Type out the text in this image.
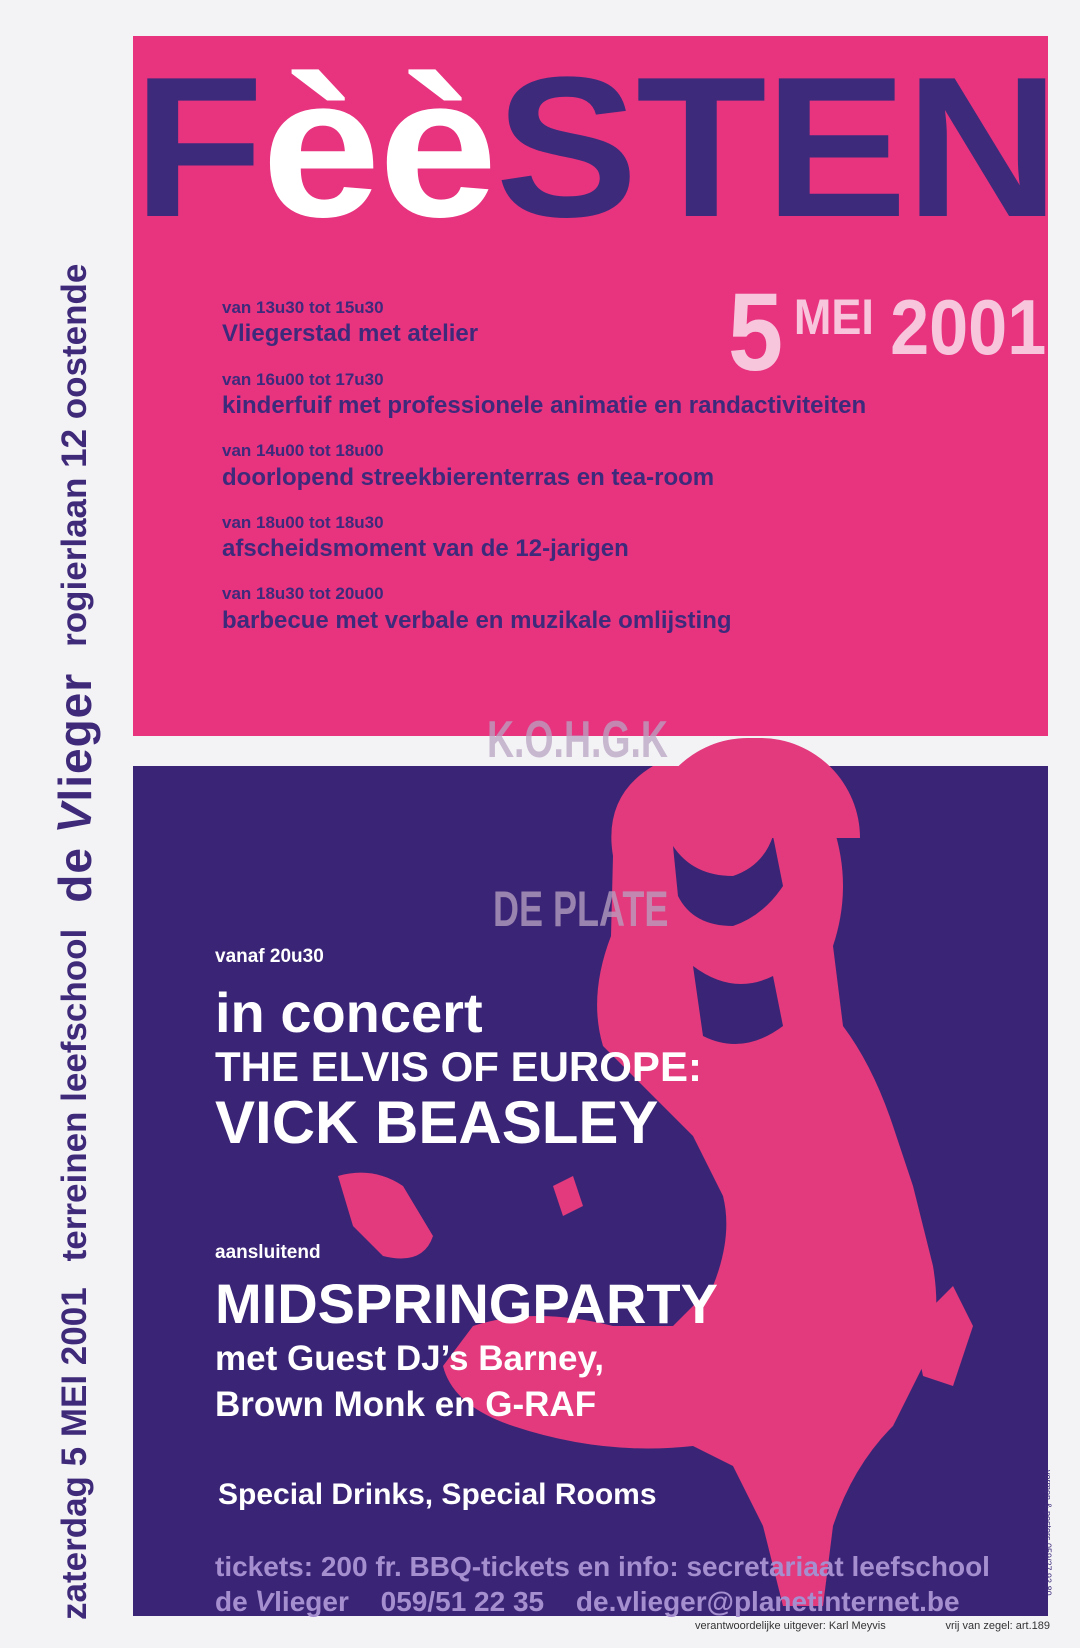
zaterdag 5 MEI 2001
terreinen leefschool
de Vlieger
rogierlaan 12 oostende
FèèSTEN
5 MEI 2001
van 13u30 tot 15u30
Vliegerstad met atelier
van 16u00 tot 17u30
kinderfuif met professionele animatie en randactiviteiten
van 14u00 tot 18u00
doorlopend streekbierenterras en tea-room
van 18u00 tot 18u30
afscheidsmoment van de 12-jarigen
van 18u30 tot 20u00
barbecue met verbale en muzikale omlijsting
K.O.H.G.K
DE PLATE
vanaf 20u30
in concert
THE ELVIS OF EUROPE:
VICK BEASLEY
aansluitend
MIDSPRINGPARTY
met Guest DJ’s Barney,
Brown Monk en G-RAF
Special Drinks, Special Rooms
tickets: 200 fr. BBQ-tickets en info: secretariaat leefschool
de Vlieger 059/51 22 35 de.vlieger@planetinternet.be
verantwoordelijke uitgever: Karl Meyvis	vrij van zegel: art.189
vormen & posters 059/27 93 80
